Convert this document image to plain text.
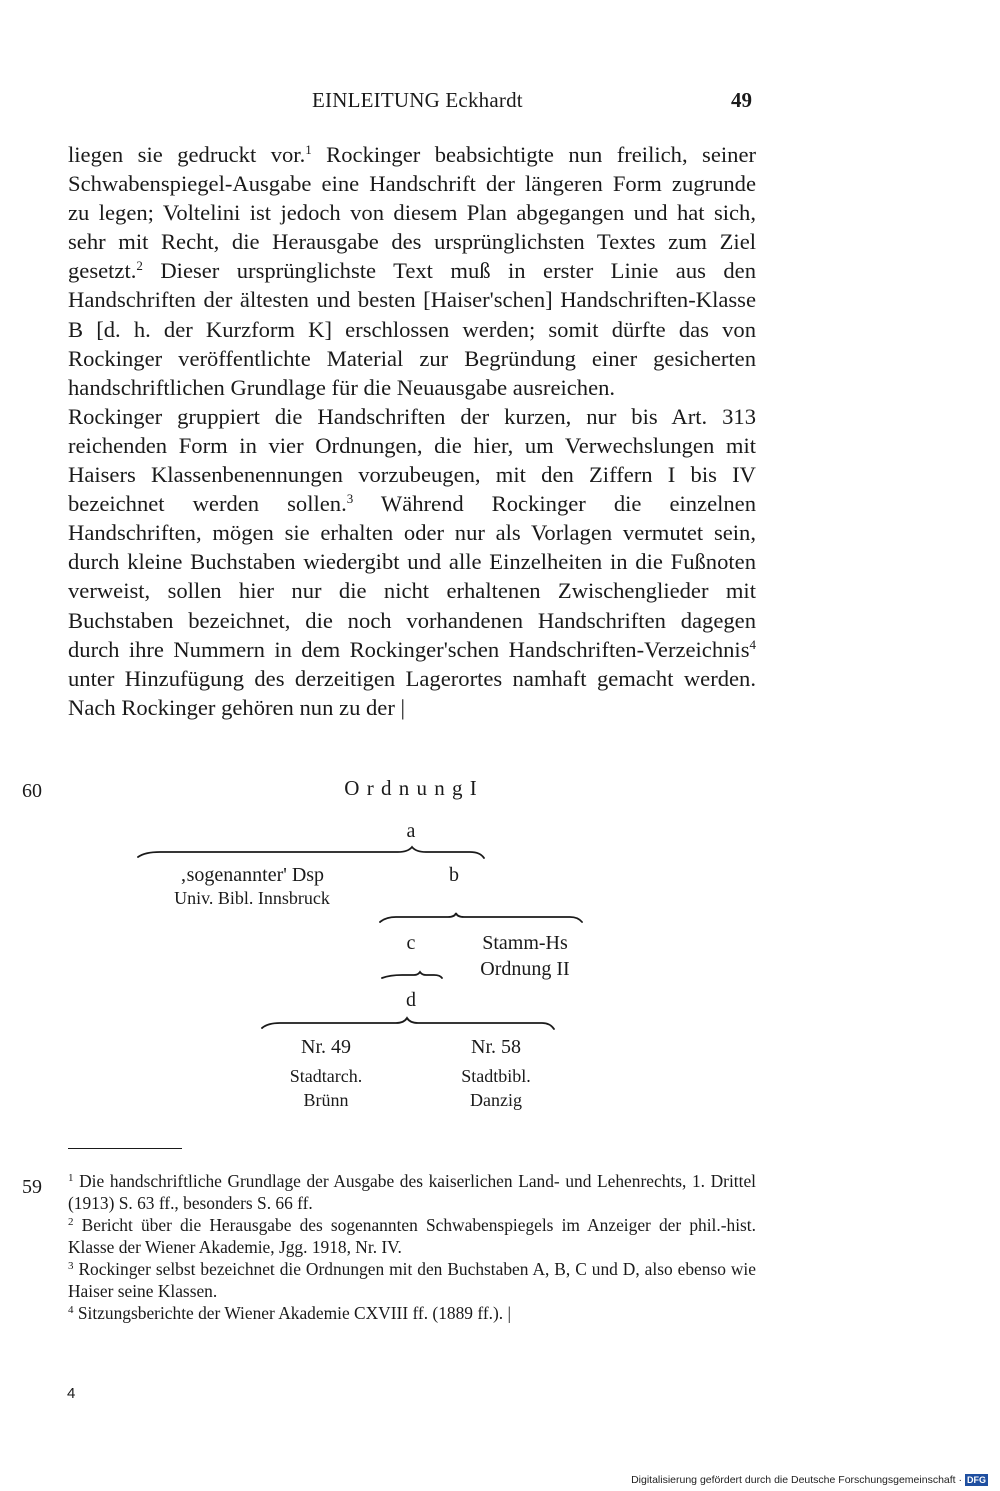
EINLEITUNG Eckhardt	49

liegen sie gedruckt vor.$^1$ Rockinger beabsichtigte nun freilich, seiner Schwabenspiegel-Ausgabe eine Handschrift der längeren Form zugrunde zu legen; Voltelini ist jedoch von diesem Plan abgegangen und hat sich, sehr mit Recht, die Herausgabe des ursprünglichsten Textes zum Ziel gesetzt.$^2$ Dieser ursprünglichste Text muß in erster Linie aus den Handschriften der ältesten und besten [Haiser'schen] Handschriften-Klasse B [d. h. der Kurzform K] erschlossen werden; somit dürfte das von Rockinger veröffentlichte Material zur Begründung einer gesicherten handschriftlichen Grundlage für die Neuausgabe ausreichen.

Rockinger gruppiert die Handschriften der kurzen, nur bis Art. 313 reichenden Form in vier Ordnungen, die hier, um Verwechslungen mit Haisers Klassenbenennungen vorzubeugen, mit den Ziffern I bis IV bezeichnet werden sollen.$^3$ Während Rockinger die einzelnen Handschriften, mögen sie erhalten oder nur als Vorlagen vermutet sein, durch kleine Buchstaben wiedergibt und alle Einzelheiten in die Fußnoten verweist, sollen hier nur die nicht erhaltenen Zwischenglieder mit Buchstaben bezeichnet, die noch vorhandenen Handschriften dagegen durch ihre Nummern in dem Rockinger'schen Handschriften-Verzeichnis$^4$ unter Hinzufügung des derzeitigen Lagerortes namhaft gemacht werden. Nach Rockinger gehören nun zu der |

60	O r d n u n g I
a
‚sogenannter' Dsp
Univ. Bibl. Innsbruck
b
c	Stamm-Hs
Ordnung II
d
Nr. 49
Stadtarch.
Brünn
Nr. 58
Stadtbibl.
Danzig
59 $^1$ Die handschriftliche Grundlage der Ausgabe des kaiserlichen Land- und Lehenrechts, 1. Drittel (1913) S. 63 ff., besonders S. 66 ff.

$^2$ Bericht über die Herausgabe des sogenannten Schwabenspiegels im Anzeiger der phil.-hist. Klasse der Wiener Akademie, Jgg. 1918, Nr. IV.

$^3$ Rockinger selbst bezeichnet die Ordnungen mit den Buchstaben A, B, C und D, also ebenso wie Haiser seine Klassen.

$^4$ Sitzungsberichte der Wiener Akademie CXVIII ff. (1889 ff.). |

4
Digitalisierung gefördert durch die Deutsche Forschungsgemeinschaft · DFG
